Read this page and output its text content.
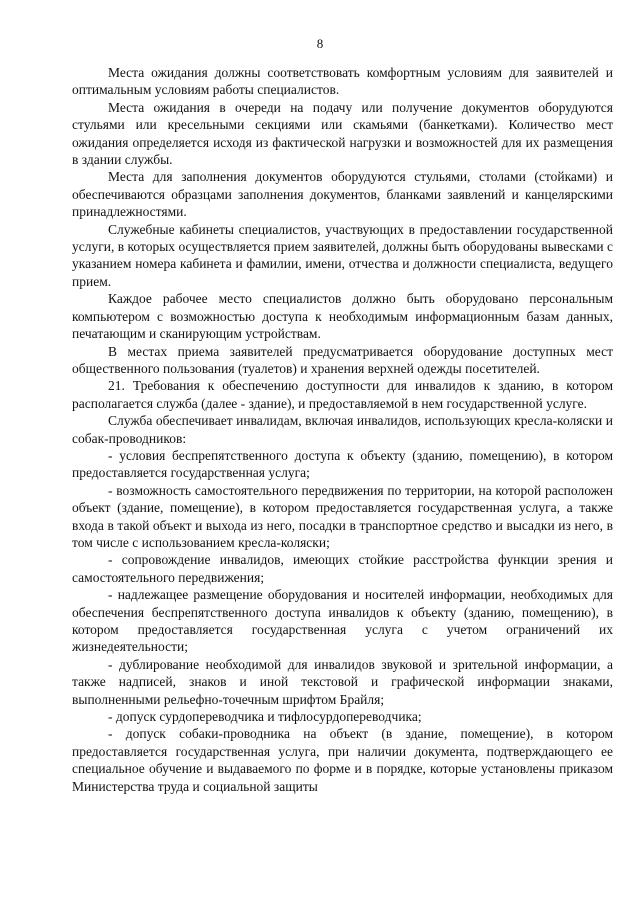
8

Места ожидания должны соответствовать комфортным условиям для заявителей и оптимальным условиям работы специалистов.

Места ожидания в очереди на подачу или получение документов оборудуются стульями или кресельными секциями или скамьями (банкетками). Количество мест ожидания определяется исходя из фактической нагрузки и возможностей для их размещения в здании службы.

Места для заполнения документов оборудуются стульями, столами (стойками) и обеспечиваются образцами заполнения документов, бланками заявлений и канцелярскими принадлежностями.

Служебные кабинеты специалистов, участвующих в предоставлении государственной услуги, в которых осуществляется прием заявителей, должны быть оборудованы вывесками с указанием номера кабинета и фамилии, имени, отчества и должности специалиста, ведущего прием.

Каждое рабочее место специалистов должно быть оборудовано персональным компьютером с возможностью доступа к необходимым информационным базам данных, печатающим и сканирующим устройствам.

В местах приема заявителей предусматривается оборудование доступных мест общественного пользования (туалетов) и хранения верхней одежды посетителей.

21. Требования к обеспечению доступности для инвалидов к зданию, в котором располагается служба (далее - здание), и предоставляемой в нем государственной услуге.

Служба обеспечивает инвалидам, включая инвалидов, использующих кресла-коляски и собак-проводников:

- условия беспрепятственного доступа к объекту (зданию, помещению), в котором предоставляется государственная услуга;

- возможность самостоятельного передвижения по территории, на которой расположен объект (здание, помещение), в котором предоставляется государственная услуга, а также входа в такой объект и выхода из него, посадки в транспортное средство и высадки из него, в том числе с использованием кресла-коляски;

- сопровождение инвалидов, имеющих стойкие расстройства функции зрения и самостоятельного передвижения;

- надлежащее размещение оборудования и носителей информации, необходимых для обеспечения беспрепятственного доступа инвалидов к объекту (зданию, помещению), в котором предоставляется государственная услуга с учетом ограничений их жизнедеятельности;

- дублирование необходимой для инвалидов звуковой и зрительной информации, а также надписей, знаков и иной текстовой и графической информации знаками, выполненными рельефно-точечным шрифтом Брайля;

- допуск сурдопереводчика и тифлосурдопереводчика;

- допуск собаки-проводника на объект (в здание, помещение), в котором предоставляется государственная услуга, при наличии документа, подтверждающего ее специальное обучение и выдаваемого по форме и в порядке, которые установлены приказом Министерства труда и социальной защиты
